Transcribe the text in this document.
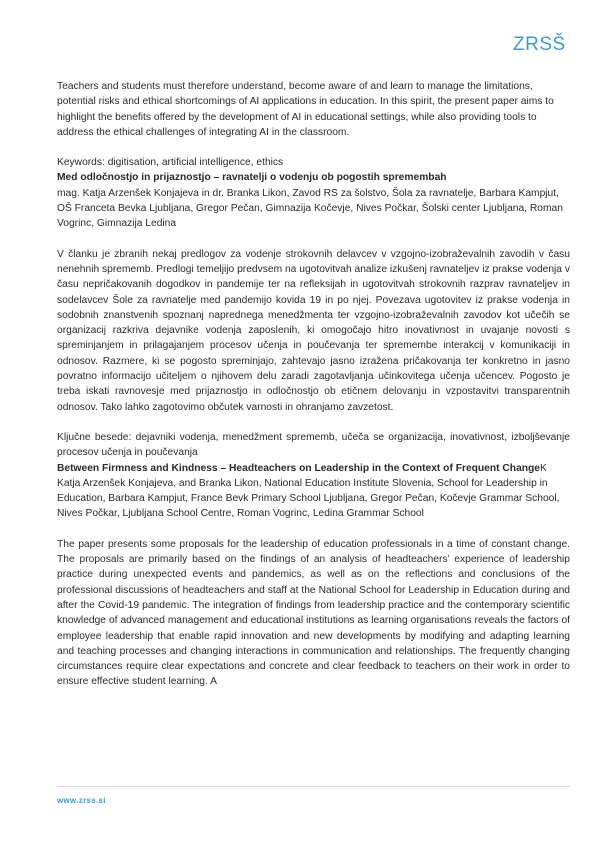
ZRSŠ

Teachers and students must therefore understand, become aware of and learn to manage the limitations, potential risks and ethical shortcomings of AI applications in education. In this spirit, the present paper aims to highlight the benefits offered by the development of AI in educational settings, while also providing tools to address the ethical challenges of integrating AI in the classroom.

Keywords: digitisation, artificial intelligence, ethics

Med odločnostjo in prijaznostjo – ravnatelji o vodenju ob pogostih spremembah

mag. Katja Arzenšek Konjajeva in dr. Branka Likon, Zavod RS za šolstvo, Šola za ravnatelje, Barbara Kampjut, OŠ Franceta Bevka Ljubljana, Gregor Pečan, Gimnazija Kočevje, Nives Počkar, Šolski center Ljubljana, Roman Vogrinc, Gimnazija Ledina

V članku je zbranih nekaj predlogov za vodenje strokovnih delavcev v vzgojno-izobraževalnih zavodih v času nenehnih sprememb. Predlogi temeljijo predvsem na ugotovitvah analize izkušenj ravnateljev iz prakse vodenja v času nepričakovanih dogodkov in pandemije ter na refleksijah in ugotovitvah strokovnih razprav ravnateljev in sodelavcev Šole za ravnatelje med pandemijo kovida 19 in po njej. Povezava ugotovitev iz prakse vodenja in sodobnih znanstvenih spoznanj naprednega menedžmenta ter vzgojno-izobraževalnih zavodov kot učečih se organizacij razkriva dejavnike vodenja zaposlenih, ki omogočajo hitro inovativnost in uvajanje novosti s spreminjanjem in prilagajanjem procesov učenja in poučevanja ter spremembe interakcij v komunikaciji in odnosov. Razmere, ki se pogosto spreminjajo, zahtevajo jasno izražena pričakovanja ter konkretno in jasno povratno informacijo učiteljem o njihovem delu zaradi zagotavljanja učinkovitega učenja učencev. Pogosto je treba iskati ravnovesje med prijaznostjo in odločnostjo ob etičnem delovanju in vzpostavitvi transparentnih odnosov. Tako lahko zagotovimo občutek varnosti in ohranjamo zavzetost.

Ključne besede: dejavniki vodenja, menedžment sprememb, učeča se organizacija, inovativnost, izboljševanje procesov učenja in poučevanja

Between Firmness and Kindness – Headteachers on Leadership in the Context of Frequent ChangeK

Katja Arzenšek Konjajeva, and Branka Likon, National Education Institute Slovenia, School for Leadership in Education, Barbara Kampjut, France Bevk Primary School Ljubljana, Gregor Pečan, Kočevje Grammar School, Nives Počkar, Ljubljana School Centre, Roman Vogrinc, Ledina Grammar School

The paper presents some proposals for the leadership of education professionals in a time of constant change. The proposals are primarily based on the findings of an analysis of headteachers’ experience of leadership practice during unexpected events and pandemics, as well as on the reflections and conclusions of the professional discussions of headteachers and staff at the National School for Leadership in Education during and after the Covid-19 pandemic. The integration of findings from leadership practice and the contemporary scientific knowledge of advanced management and educational institutions as learning organisations reveals the factors of employee leadership that enable rapid innovation and new developments by modifying and adapting learning and teaching processes and changing interactions in communication and relationships. The frequently changing circumstances require clear expectations and concrete and clear feedback to teachers on their work in order to ensure effective student learning. A

www.zrss.si
